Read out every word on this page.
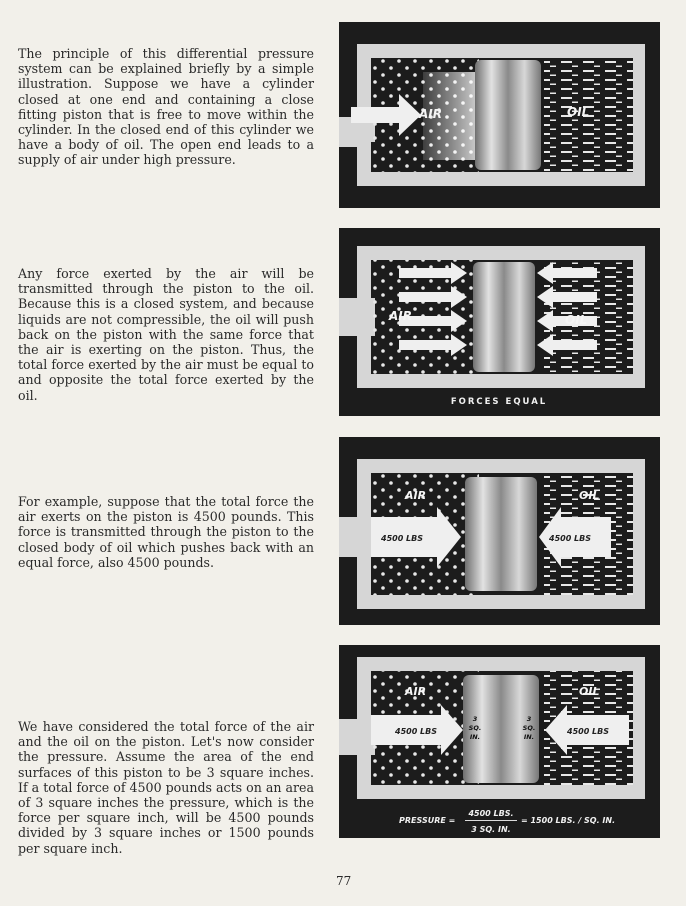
The principle of this differential pressure system can be explained briefly by a simple illustration. Suppose we have a cylinder closed at one end and containing a close fitting piston that is free to move within the cylinder. In the closed end of this cylinder we have a body of oil. The open end leads to a supply of air under high pressure.

Any force exerted by the air will be transmitted through the piston to the oil. Because this is a closed system, and because liquids are not compressible, the oil will push back on the piston with the same force that the air is exerting on the piston. Thus, the total force exerted by the air must be equal to and opposite the total force exerted by the oil.

For example, suppose that the total force the air exerts on the piston is 4500 pounds. This force is transmitted through the piston to the closed body of oil which pushes back with an equal force, also 4500 pounds.

We have considered the total force of the air and the oil on the piston. Let's now consider the pressure. Assume the area of the end surfaces of this piston to be 3 square inches. If a total force of 4500 pounds acts on an area of 3 square inches the pressure, which is the force per square inch, will be 4500 pounds divided by 3 square inches or 1500 pounds per square inch.

AIR	OIL
AIR	OIL
FORCES EQUAL
AIR	OIL
4500 LBS	4500 LBS
AIR	OIL
4500 LBS	4500 LBS
3
SQ.
IN.
3
SQ.
IN.
PRESSURE =
4500 LBS.
3 SQ. IN.
= 1500 LBS. / SQ. IN.
77
